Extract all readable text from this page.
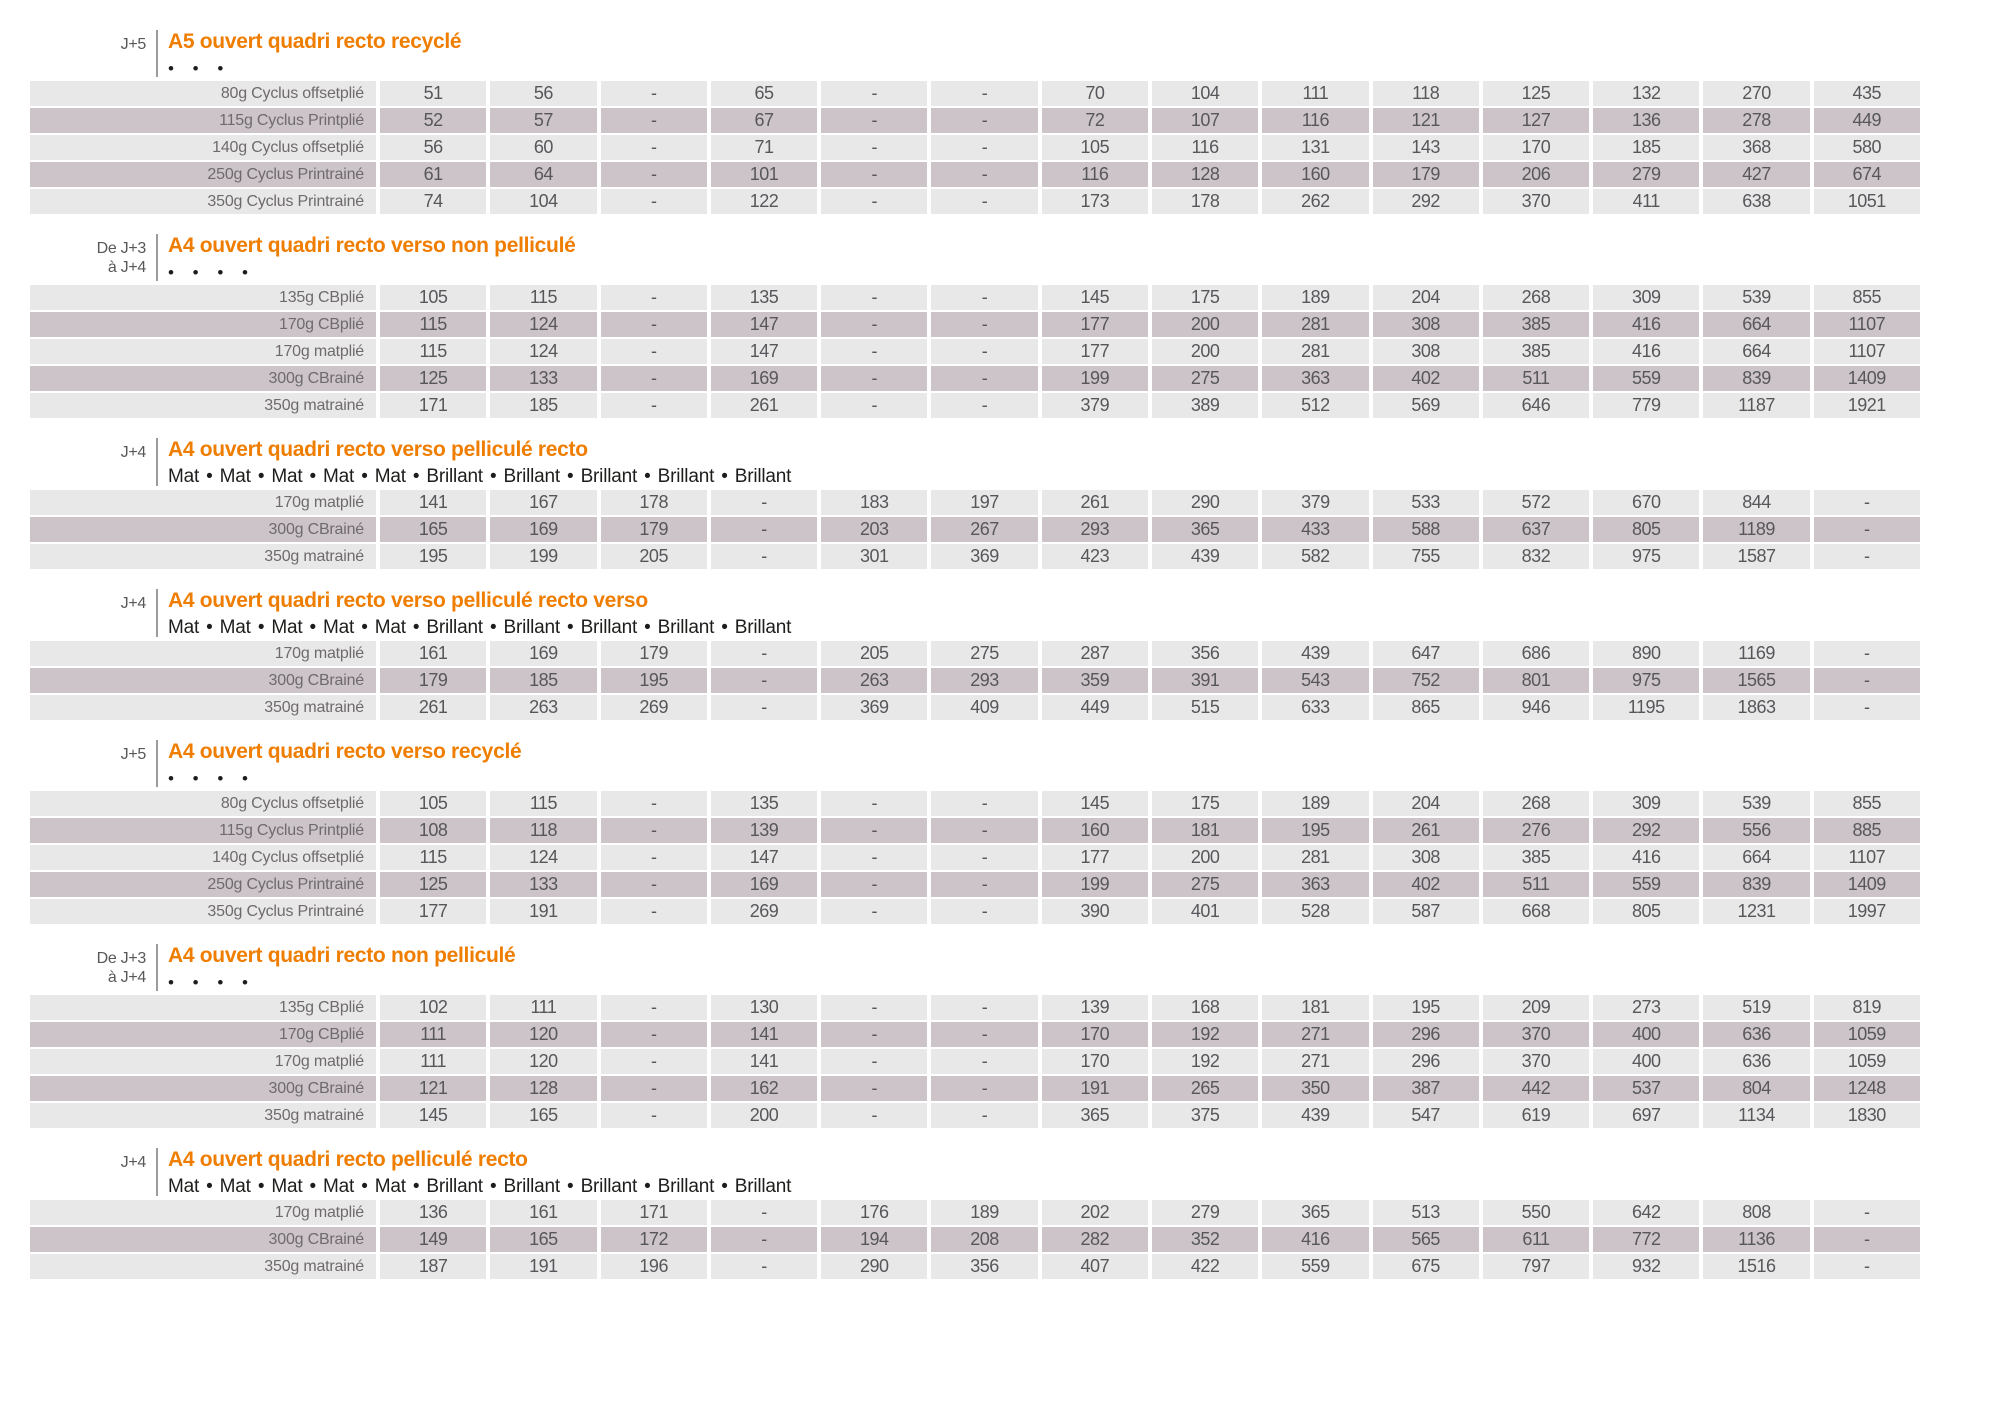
J+5 A5 ouvert quadri recto recyclé
• • •
80g Cyclus offsetplié	51	56	-	65	-	-	70	104	111	118	125	132	270	435
115g Cyclus Printplié	52	57	-	67	-	-	72	107	116	121	127	136	278	449
140g Cyclus offsetplié	56	60	-	71	-	-	105	116	131	143	170	185	368	580
250g Cyclus Printrainé	61	64	-	101	-	-	116	128	160	179	206	279	427	674
350g Cyclus Printrainé	74	104	-	122	-	-	173	178	262	292	370	411	638	1051
De J+3
à J+4
A4 ouvert quadri recto verso non pelliculé
• • • •
135g CBplié	105	115	-	135	-	-	145	175	189	204	268	309	539	855
170g CBplié	115	124	-	147	-	-	177	200	281	308	385	416	664	1107
170g matplié	115	124	-	147	-	-	177	200	281	308	385	416	664	1107
300g CBrainé	125	133	-	169	-	-	199	275	363	402	511	559	839	1409
350g matrainé	171	185	-	261	-	-	379	389	512	569	646	779	1187	1921
J+4 A4 ouvert quadri recto verso pelliculé recto
Mat • Mat • Mat • Mat • Mat • Brillant • Brillant • Brillant • Brillant • Brillant
170g matplié	141	167	178	-	183	197	261	290	379	533	572	670	844	-
300g CBrainé	165	169	179	-	203	267	293	365	433	588	637	805	1189	-
350g matrainé	195	199	205	-	301	369	423	439	582	755	832	975	1587	-
J+4 A4 ouvert quadri recto verso pelliculé recto verso
Mat • Mat • Mat • Mat • Mat • Brillant • Brillant • Brillant • Brillant • Brillant
170g matplié	161	169	179	-	205	275	287	356	439	647	686	890	1169	-
300g CBrainé	179	185	195	-	263	293	359	391	543	752	801	975	1565	-
350g matrainé	261	263	269	-	369	409	449	515	633	865	946	1195	1863	-
J+5 A4 ouvert quadri recto verso recyclé
• • • •
80g Cyclus offsetplié	105	115	-	135	-	-	145	175	189	204	268	309	539	855
115g Cyclus Printplié	108	118	-	139	-	-	160	181	195	261	276	292	556	885
140g Cyclus offsetplié	115	124	-	147	-	-	177	200	281	308	385	416	664	1107
250g Cyclus Printrainé	125	133	-	169	-	-	199	275	363	402	511	559	839	1409
350g Cyclus Printrainé	177	191	-	269	-	-	390	401	528	587	668	805	1231	1997
De J+3
à J+4
A4 ouvert quadri recto non pelliculé
• • • •
135g CBplié	102	111	-	130	-	-	139	168	181	195	209	273	519	819
170g CBplié	111	120	-	141	-	-	170	192	271	296	370	400	636	1059
170g matplié	111	120	-	141	-	-	170	192	271	296	370	400	636	1059
300g CBrainé	121	128	-	162	-	-	191	265	350	387	442	537	804	1248
350g matrainé	145	165	-	200	-	-	365	375	439	547	619	697	1134	1830
J+4 A4 ouvert quadri recto pelliculé recto
Mat • Mat • Mat • Mat • Mat • Brillant • Brillant • Brillant • Brillant • Brillant
170g matplié	136	161	171	-	176	189	202	279	365	513	550	642	808	-
300g CBrainé	149	165	172	-	194	208	282	352	416	565	611	772	1136	-
350g matrainé	187	191	196	-	290	356	407	422	559	675	797	932	1516	-
